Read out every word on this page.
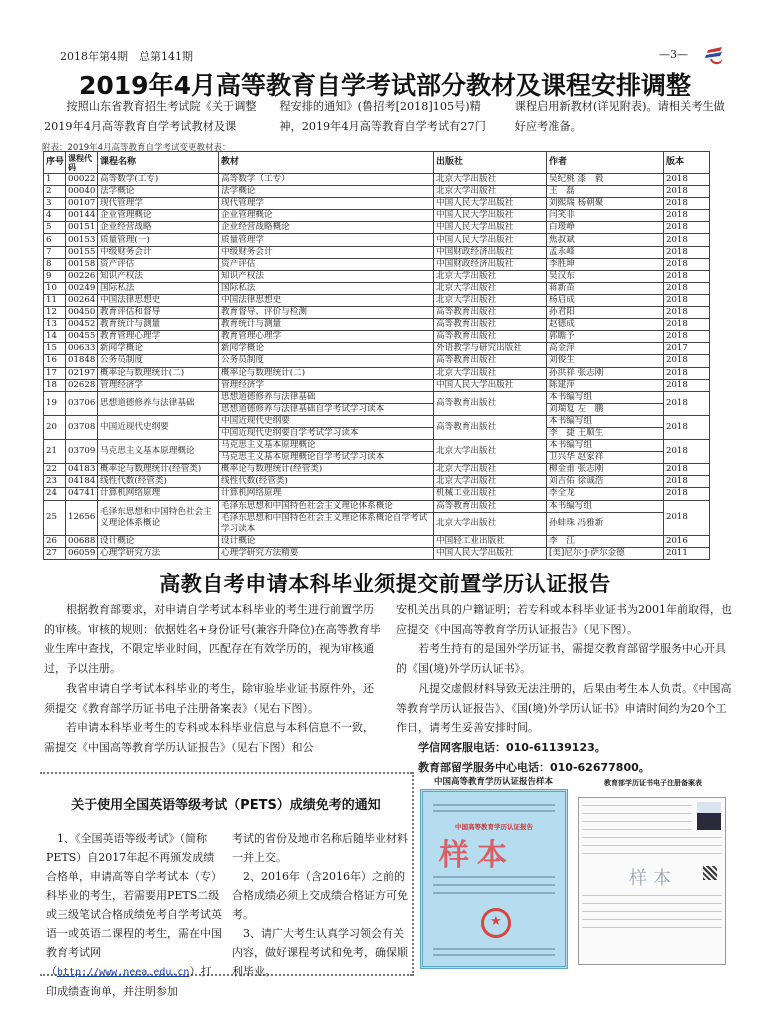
2018年第4期　总第141期	—3—
2019年4月高等教育自学考试部分教材及课程安排调整
按照山东省教育招生考试院《关于调整2019年4月高等教育自学考试教材及课
程安排的通知》(鲁招考[2018]105号)精神，2019年4月高等教育自学考试有27门
课程启用新教材(详见附表)。请相关考生做好应考准备。
附表：2019年4月高等教育自学考试变更教材表：
序号	课程代码	课程名称	教材	出版社	作者	版本
1	00022	高等数学(工专)	高等数学（工专）	北京大学出版社	吴纪桃 漆　毅	2018
2	00040	法学概论	法学概论	北京大学出版社	王　磊	2018
3	00107	现代管理学	现代管理学	中国人民大学出版社	刘熙瑞 杨朝聚	2018
4	00144	企业管理概论	企业管理概论	中国人民大学出版社	闫笑非	2018
5	00151	企业经营战略	企业经营战略概论	中国人民大学出版社	白瑷峥	2018
6	00153	质量管理(一)	质量管理学	中国人民大学出版社	焦叔斌	2018
7	00155	中级财务会计	中级财务会计	中国财政经济出版社	孟永峰	2018
8	00158	资产评估	资产评估	中国财政经济出版社	李胜坤	2018
9	00226	知识产权法	知识产权法	北京大学出版社	吴汉东	2018
10	00249	国际私法	国际私法	北京大学出版社	蒋新苗	2018
11	00264	中国法律思想史	中国法律思想史	北京大学出版社	杨启成	2018
12	00450	教育评估和督导	教育督导、评价与检测	高等教育出版社	孙君阳	2018
13	00452	教育统计与测量	教育统计与测量	高等教育出版社	赵德成	2018
14	00455	教育管理心理学	教育管理心理学	高等教育出版社	郭瞻予	2018
15	00633	新闻学概论	新闻学概论	外语教学与研究出版社	高金萍	2017
16	01848	公务员制度	公务员制度	高等教育出版社	刘俊生	2018
17	02197	概率论与数理统计(二)	概率论与数理统计(二)	北京大学出版社	孙洪祥 张志刚	2018
18	02628	管理经济学	管理经济学	中国人民大学出版社	陈建萍	2018
19	03706	思想道德修养与法律基础	思想道德修养与法律基础	高等教育出版社	本书编写组	2018
			思想道德修养与法律基础自学考试学习读本		刘瑞复 左　鹏	
20	03708	中国近现代史纲要	中国近现代史纲要	高等教育出版社	本书编写组	2018
			中国近现代史纲要自学考试学习读本		李　捷 王顺生	
21	03709	马克思主义基本原理概论	马克思主义基本原理概论	北京大学出版社	本书编写组	2018
			马克思主义基本原理概论自学考试学习读本		卫兴华 赵家祥	
22	04183	概率论与数理统计(经管类)	概率论与数理统计(经管类)	北京大学出版社	柳金甫 张志刚	2018
23	04184	线性代数(经管类)	线性代数(经管类)	北京大学出版社	刘吉佑 徐诚浩	2018
24	04741	计算机网络原理	计算机网络原理	机械工业出版社	李全龙	2018
25	12656	毛泽东思想和中国特色社会主义理论体系概论	毛泽东思想和中国特色社会主义理论体系概论	高等教育出版社	本书编写组	2018
			毛泽东思想和中国特色社会主义理论体系概论自学考试学习读本	北京大学出版社	孙蚌珠 冯雅新	
26	00688	设计概论	设计概论	中国轻工业出版社	李　江	2016
27	06059	心理学研究方法	心理学研究方法精要	中国人民大学出版社	[美]尼尔·J·萨尔金德	2011
高教自考申请本科毕业须提交前置学历认证报告

根据教育部要求，对申请自学考试本科毕业的考生进行前置学历的审核。审核的规则：依据姓名+身份证号(兼容升降位)在高等教育毕业生库中查找，不限定毕业时间，匹配存在有效学历的，视为审核通过，予以注册。

我省申请自学考试本科毕业的考生，除审验毕业证书原件外，还须提交《教育部学历证书电子注册备案表》（见右下图）。

若申请本科毕业考生的专科或本科毕业信息与本科信息不一致，需提交《中国高等教育学历认证报告》（见右下图）和公

安机关出具的户籍证明；若专科或本科毕业证书为2001年前取得，也应提交《中国高等教育学历认证报告》（见下图）。

若考生持有的是国外学历证书，需提交教育部留学服务中心开具的《国(境)外学历认证书》。

凡提交虚假材料导致无法注册的，后果由考生本人负责。《中国高等教育学历认证报告》、《国(境)外学历认证书》申请时间约为20个工作日，请考生妥善安排时间。

学信网客服电话：010-61139123。

教育部留学服务中心电话：010-62677800。

关于使用全国英语等级考试（PETS）成绩免考的通知
1、《全国英语等级考试》（简称PETS）自2017年起不再颁发成绩合格单，申请高等自学考试本（专）科毕业的考生，若需要用PETS二级或三级笔试合格成绩免考自学考试英语一或英语二课程的考生，需在中国教育考试网（http://www.neea.edu.cn）打印成绩查询单，并注明参加

考试的省份及地市名称后随毕业材料一并上交。

2、2016年（含2016年）之前的合格成绩必须上交成绩合格证方可免考。

3、请广大考生认真学习领会有关内容，做好课程考试和免考，确保顺利毕业。

中国高等教育学历认证报告样本
中国高等教育学历认证报告
样本
★
教育部学历证书电子注册备案表
样本
